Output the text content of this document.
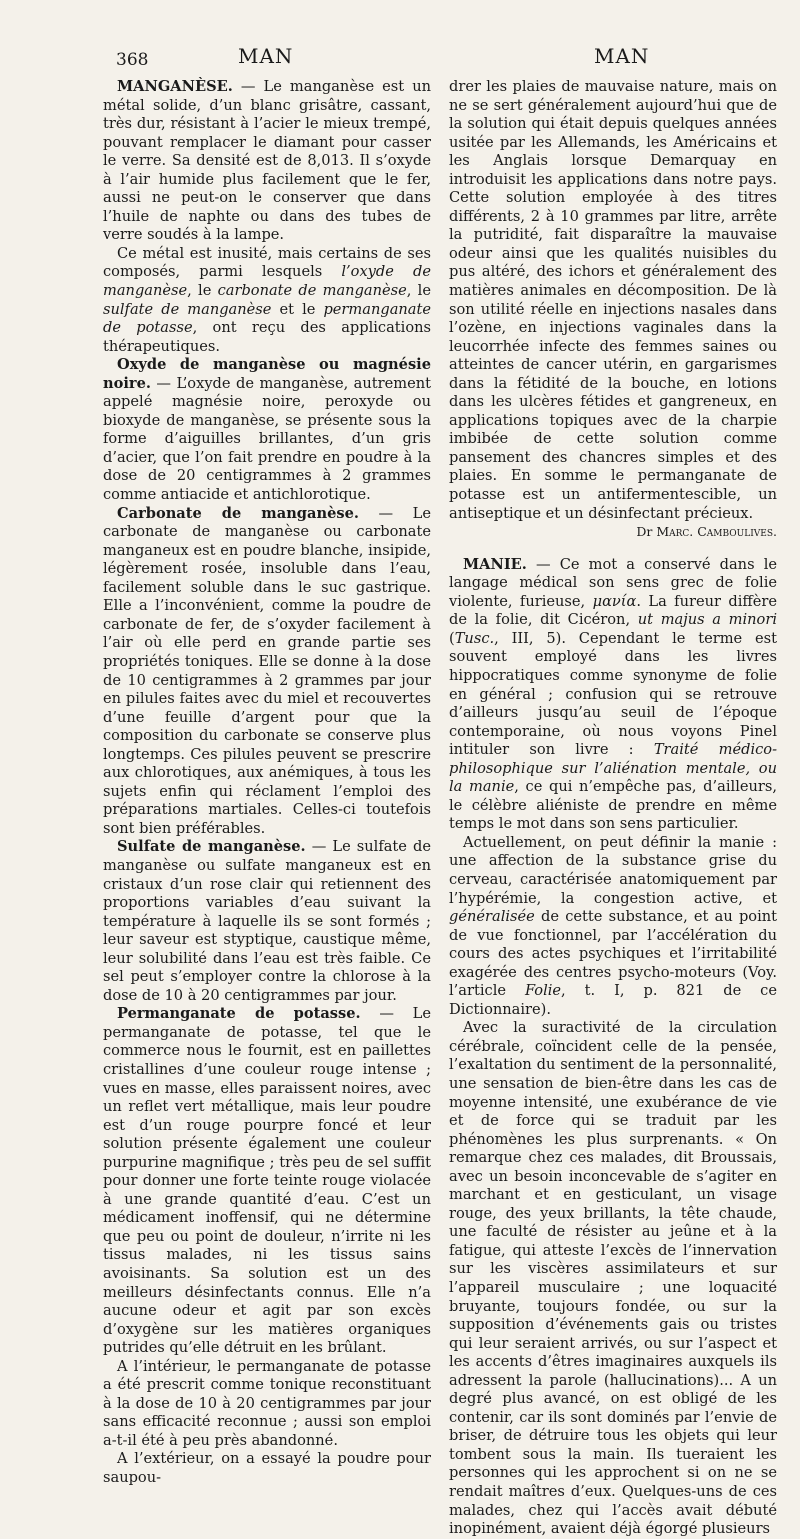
368	MAN	MAN

MANGANÈSE. — Le manganèse est un métal solide, d’un blanc grisâtre, cassant, très dur, résistant à l’acier le mieux trempé, pouvant remplacer le diamant pour casser le verre. Sa densité est de 8,013. Il s’oxyde à l’air humide plus facilement que le fer, aussi ne peut-on le conserver que dans l’huile de naphte ou dans des tubes de verre soudés à la lampe.

Ce métal est inusité, mais certains de ses composés, parmi lesquels l’oxyde de manganèse, le carbonate de manganèse, le sulfate de manganèse et le permanganate de potasse, ont reçu des applications thérapeutiques.

Oxyde de manganèse ou magnésie noire. — L’oxyde de manganèse, autrement appelé magnésie noire, peroxyde ou bioxyde de manganèse, se présente sous la forme d’aiguilles brillantes, d’un gris d’acier, que l’on fait prendre en poudre à la dose de 20 centigrammes à 2 grammes comme antiacide et antichlorotique.

Carbonate de manganèse. — Le carbonate de manganèse ou carbonate manganeux est en poudre blanche, insipide, légèrement rosée, insoluble dans l’eau, facilement soluble dans le suc gastrique. Elle a l’inconvénient, comme la poudre de carbonate de fer, de s’oxyder facilement à l’air où elle perd en grande partie ses propriétés toniques. Elle se donne à la dose de 10 centigrammes à 2 grammes par jour en pilules faites avec du miel et recouvertes d’une feuille d’argent pour que la composition du carbonate se conserve plus longtemps. Ces pilules peuvent se prescrire aux chlorotiques, aux anémiques, à tous les sujets enfin qui réclament l’emploi des préparations martiales. Celles-ci toutefois sont bien préférables.

Sulfate de manganèse. — Le sulfate de manganèse ou sulfate manganeux est en cristaux d’un rose clair qui retiennent des proportions variables d’eau suivant la température à laquelle ils se sont formés ; leur saveur est styptique, caustique même, leur solubilité dans l’eau est très faible. Ce sel peut s’employer contre la chlorose à la dose de 10 à 20 centigrammes par jour.

Permanganate de potasse. — Le permanganate de potasse, tel que le commerce nous le fournit, est en paillettes cristallines d’une couleur rouge intense ; vues en masse, elles paraissent noires, avec un reflet vert métallique, mais leur poudre est d’un rouge pourpre foncé et leur solution présente également une couleur purpurine magnifique ; très peu de sel suffit pour donner une forte teinte rouge violacée à une grande quantité d’eau. C’est un médicament inoffensif, qui ne détermine que peu ou point de douleur, n’irrite ni les tissus malades, ni les tissus sains avoisinants. Sa solution est un des meilleurs désinfectants connus. Elle n’a aucune odeur et agit par son excès d’oxygène sur les matières organiques putrides qu’elle détruit en les brûlant.

A l’intérieur, le permanganate de potasse a été prescrit comme tonique reconstituant à la dose de 10 à 20 centigrammes par jour sans efficacité reconnue ; aussi son emploi a-t-il été à peu près abandonné.

A l’extérieur, on a essayé la poudre pour saupou-

drer les plaies de mauvaise nature, mais on ne se sert généralement aujourd’hui que de la solution qui était depuis quelques années usitée par les Allemands, les Américains et les Anglais lorsque Demarquay en introduisit les applications dans notre pays. Cette solution employée à des titres différents, 2 à 10 grammes par litre, arrête la putridité, fait disparaître la mauvaise odeur ainsi que les qualités nuisibles du pus altéré, des ichors et généralement des matières animales en décomposition. De là son utilité réelle en injections nasales dans l’ozène, en injections vaginales dans la leucorrhée infecte des femmes saines ou atteintes de cancer utérin, en gargarismes dans la fétidité de la bouche, en lotions dans les ulcères fétides et gangreneux, en applications topiques avec de la charpie imbibée de cette solution comme pansement des chancres simples et des plaies. En somme le permanganate de potasse est un antifermentescible, un antiseptique et un désinfectant précieux.

Dr Marc. Camboulives.

MANIE. — Ce mot a conservé dans le langage médical son sens grec de folie violente, furieuse, μανία. La fureur diffère de la folie, dit Cicéron, ut majus a minori (Tusc., III, 5). Cependant le terme est souvent employé dans les livres hippocratiques comme synonyme de folie en général ; confusion qui se retrouve d’ailleurs jusqu’au seuil de l’époque contemporaine, où nous voyons Pinel intituler son livre : Traité médico-philosophique sur l’aliénation mentale, ou la manie, ce qui n’empêche pas, d’ailleurs, le célèbre aliéniste de prendre en même temps le mot dans son sens particulier.

Actuellement, on peut définir la manie : une affection de la substance grise du cerveau, caractérisée anatomiquement par l’hypérémie, la congestion active, et généralisée de cette substance, et au point de vue fonctionnel, par l’accélération du cours des actes psychiques et l’irritabilité exagérée des centres psycho-moteurs (Voy. l’article Folie, t. I, p. 821 de ce Dictionnaire).

Avec la suractivité de la circulation cérébrale, coïncident celle de la pensée, l’exaltation du sentiment de la personnalité, une sensation de bien-être dans les cas de moyenne intensité, une exubérance de vie et de force qui se traduit par les phénomènes les plus surprenants. « On remarque chez ces malades, dit Broussais, avec un besoin inconcevable de s’agiter en marchant et en gesticulant, un visage rouge, des yeux brillants, la tête chaude, une faculté de résister au jeûne et à la fatigue, qui atteste l’excès de l’innervation sur les viscères assimilateurs et sur l’appareil musculaire ; une loquacité bruyante, toujours fondée, ou sur la supposition d’événements gais ou tristes qui leur seraient arrivés, ou sur l’aspect et les accents d’êtres imaginaires auxquels ils adressent la parole (hallucinations)... A un degré plus avancé, on est obligé de les contenir, car ils sont dominés par l’envie de briser, de détruire tous les objets qui leur tombent sous la main. Ils tueraient les personnes qui les approchent si on ne se rendait maîtres d’eux. Quelques-uns de ces malades, chez qui l’accès avait débuté inopinément, avaient déjà égorgé plusieurs
